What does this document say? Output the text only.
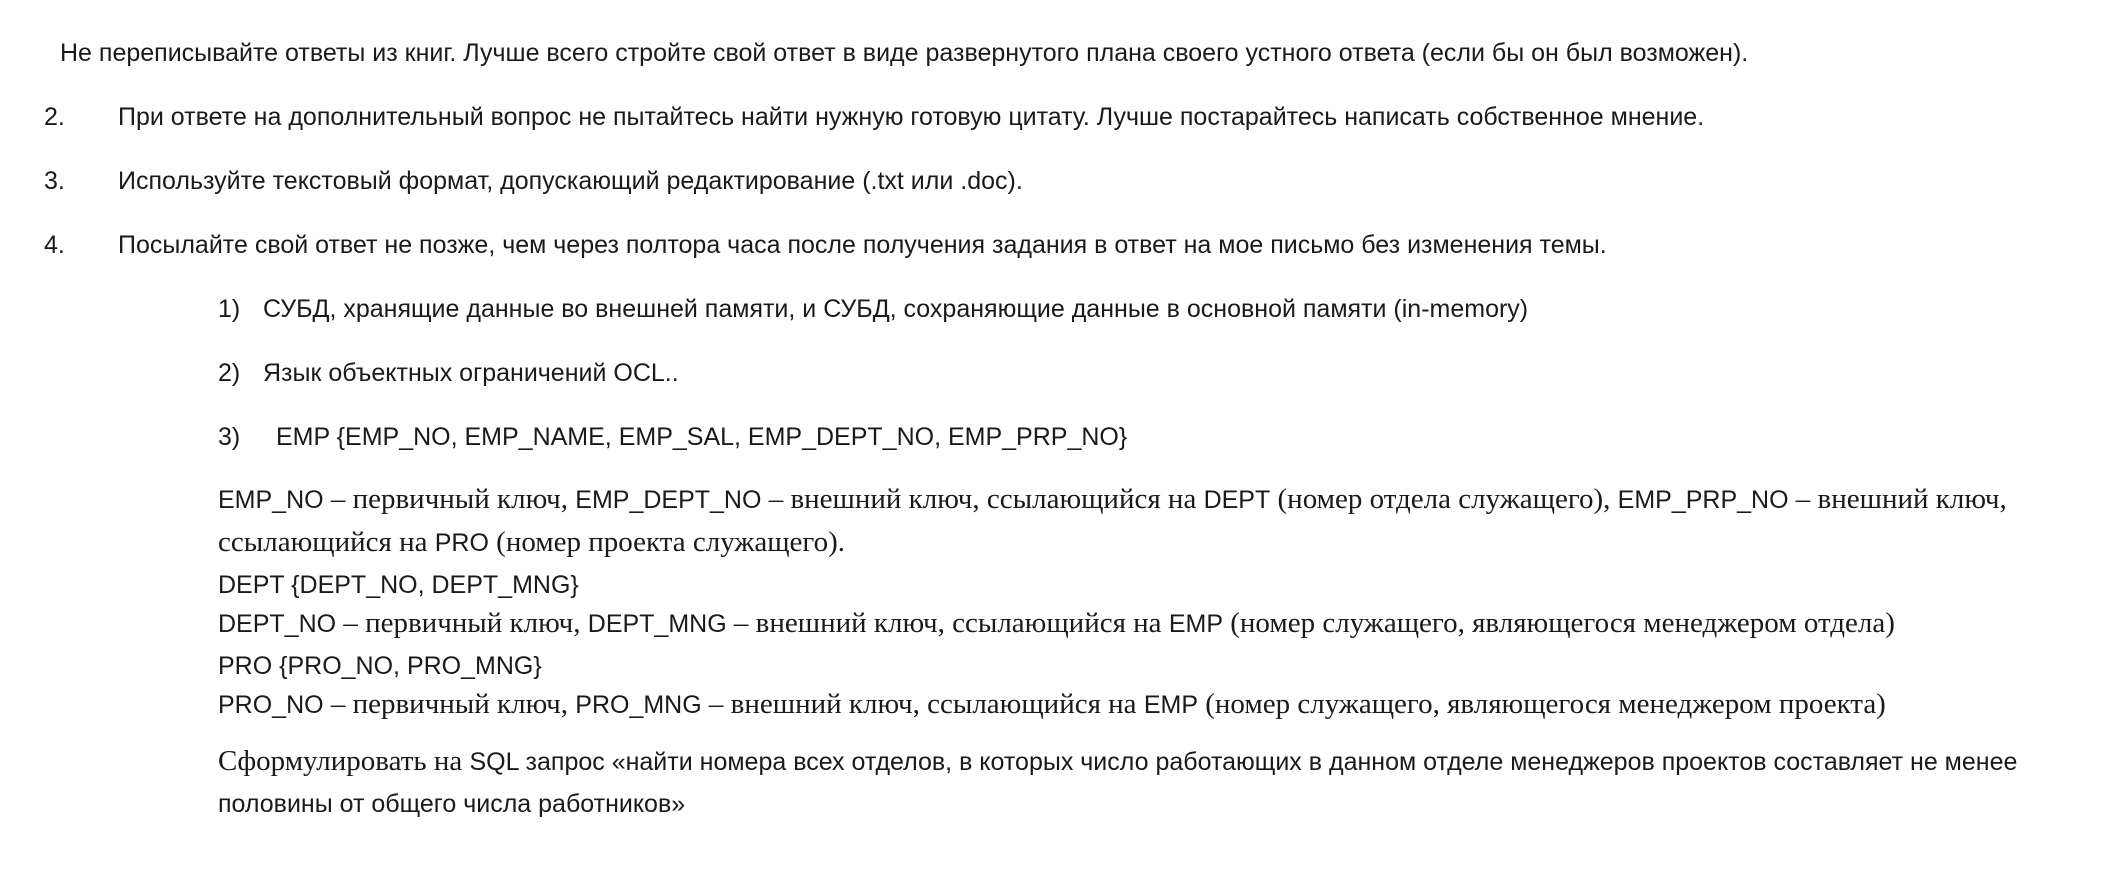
Не переписывайте ответы из книг. Лучше всего стройте свой ответ в виде развернутого плана своего устного ответа (если бы он был возможен).
2. При ответе на дополнительный вопрос не пытайтесь найти нужную готовую цитату. Лучше постарайтесь написать собственное мнение.
3. Используйте текстовый формат, допускающий редактирование (.txt или .doc).
4. Посылайте свой ответ не позже, чем через полтора часа после получения задания в ответ на мое письмо без изменения темы.
1) СУБД, хранящие данные во внешней памяти, и СУБД, сохраняющие данные в основной памяти (in-memory)
2) Язык объектных ограничений OCL..
3) EMP {EMP_NO, EMP_NAME, EMP_SAL, EMP_DEPT_NO, EMP_PRP_NO}
EMP_NO – первичный ключ, EMP_DEPT_NO – внешний ключ, ссылающийся на DEPT (номер отдела служащего), EMP_PRP_NO – внешний ключ, ссылающийся на PRO (номер проекта служащего).
DEPT {DEPT_NO, DEPT_MNG}
DEPT_NO – первичный ключ, DEPT_MNG – внешний ключ, ссылающийся на EMP (номер служащего, являющегося менеджером отдела)
PRO {PRO_NO, PRO_MNG}
PRO_NO – первичный ключ, PRO_MNG – внешний ключ, ссылающийся на EMP (номер служащего, являющегося менеджером проекта)
Сформулировать на SQL запрос «найти номера всех отделов, в которых число работающих в данном отделе менеджеров проектов составляет не менее половины от общего числа работников»
